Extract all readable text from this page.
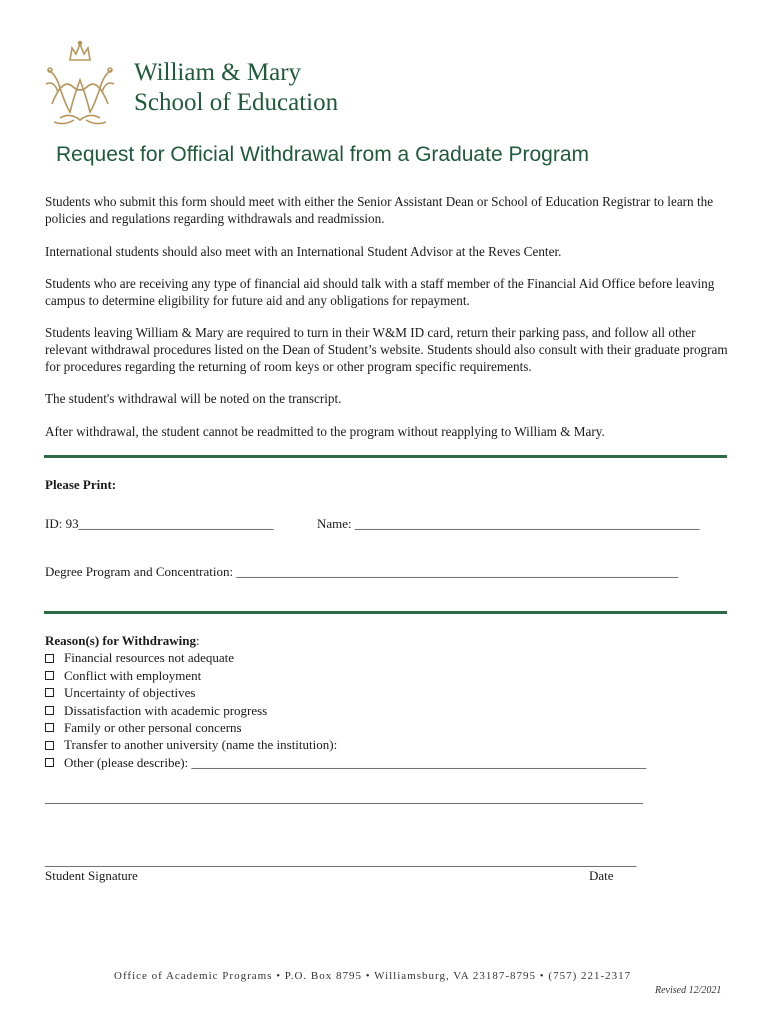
William & Mary
School of Education
Request for Official Withdrawal from a Graduate Program

Students who submit this form should meet with either the Senior Assistant Dean or School of Education Registrar to learn the policies and regulations regarding withdrawals and readmission.

International students should also meet with an International Student Advisor at the Reves Center.

Students who are receiving any type of financial aid should talk with a staff member of the Financial Aid Office before leaving campus to determine eligibility for future aid and any obligations for repayment.

Students leaving William & Mary are required to turn in their W&M ID card, return their parking pass, and follow all other relevant withdrawal procedures listed on the Dean of Student’s website. Students should also consult with their graduate program for procedures regarding the returning of room keys or other program specific requirements.

The student's withdrawal will be noted on the transcript.

After withdrawal, the student cannot be readmitted to the program without reapplying to William & Mary.

Please Print:
ID: 93______________________________	Name: _____________________________________________________
Degree Program and Concentration: ____________________________________________________________________
Reason(s) for Withdrawing :
Financial resources not adequate
Conflict with employment
Uncertainty of objectives
Dissatisfaction with academic progress
Family or other personal concerns
Transfer to another university (name the institution):
Other (please describe): ______________________________________________________________________
____________________________________________________________________________________________
___________________________________________________________________________________________
Student Signature	Date
Office of Academic Programs • P.O. Box 8795 • Williamsburg, VA 23187-8795 • (757) 221-2317
Revised 12/2021
